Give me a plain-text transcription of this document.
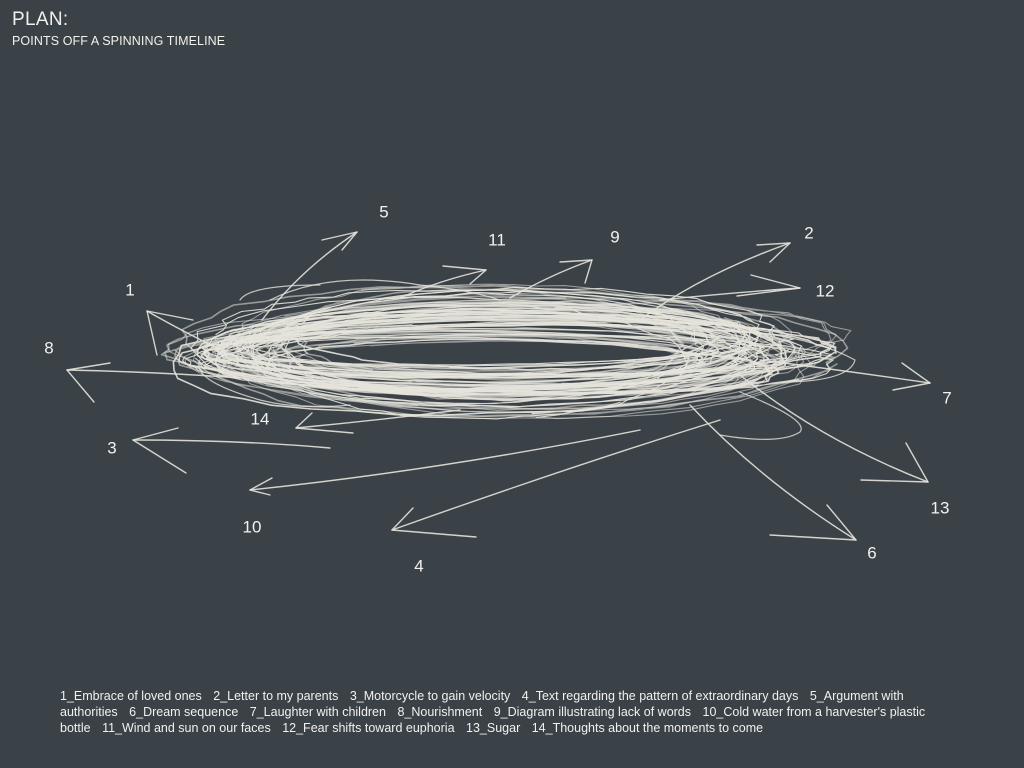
PLAN:
POINTS OFF A SPINNING TIMELINE
1
2
3
4
5
6
7
8
9
10
11
12
13
14
1_Embrace of loved ones 2_Letter to my parents 3_Motorcycle to gain velocity 4_Text regarding the pattern of extraordinary days 5_Argument with authorities 6_Dream sequence 7_Laughter with children 8_Nourishment 9_Diagram illustrating lack of words 10_Cold water from a harvester's plastic bottle 11_Wind and sun on our faces 12_Fear shifts toward euphoria 13_Sugar 14_Thoughts about the moments to come
